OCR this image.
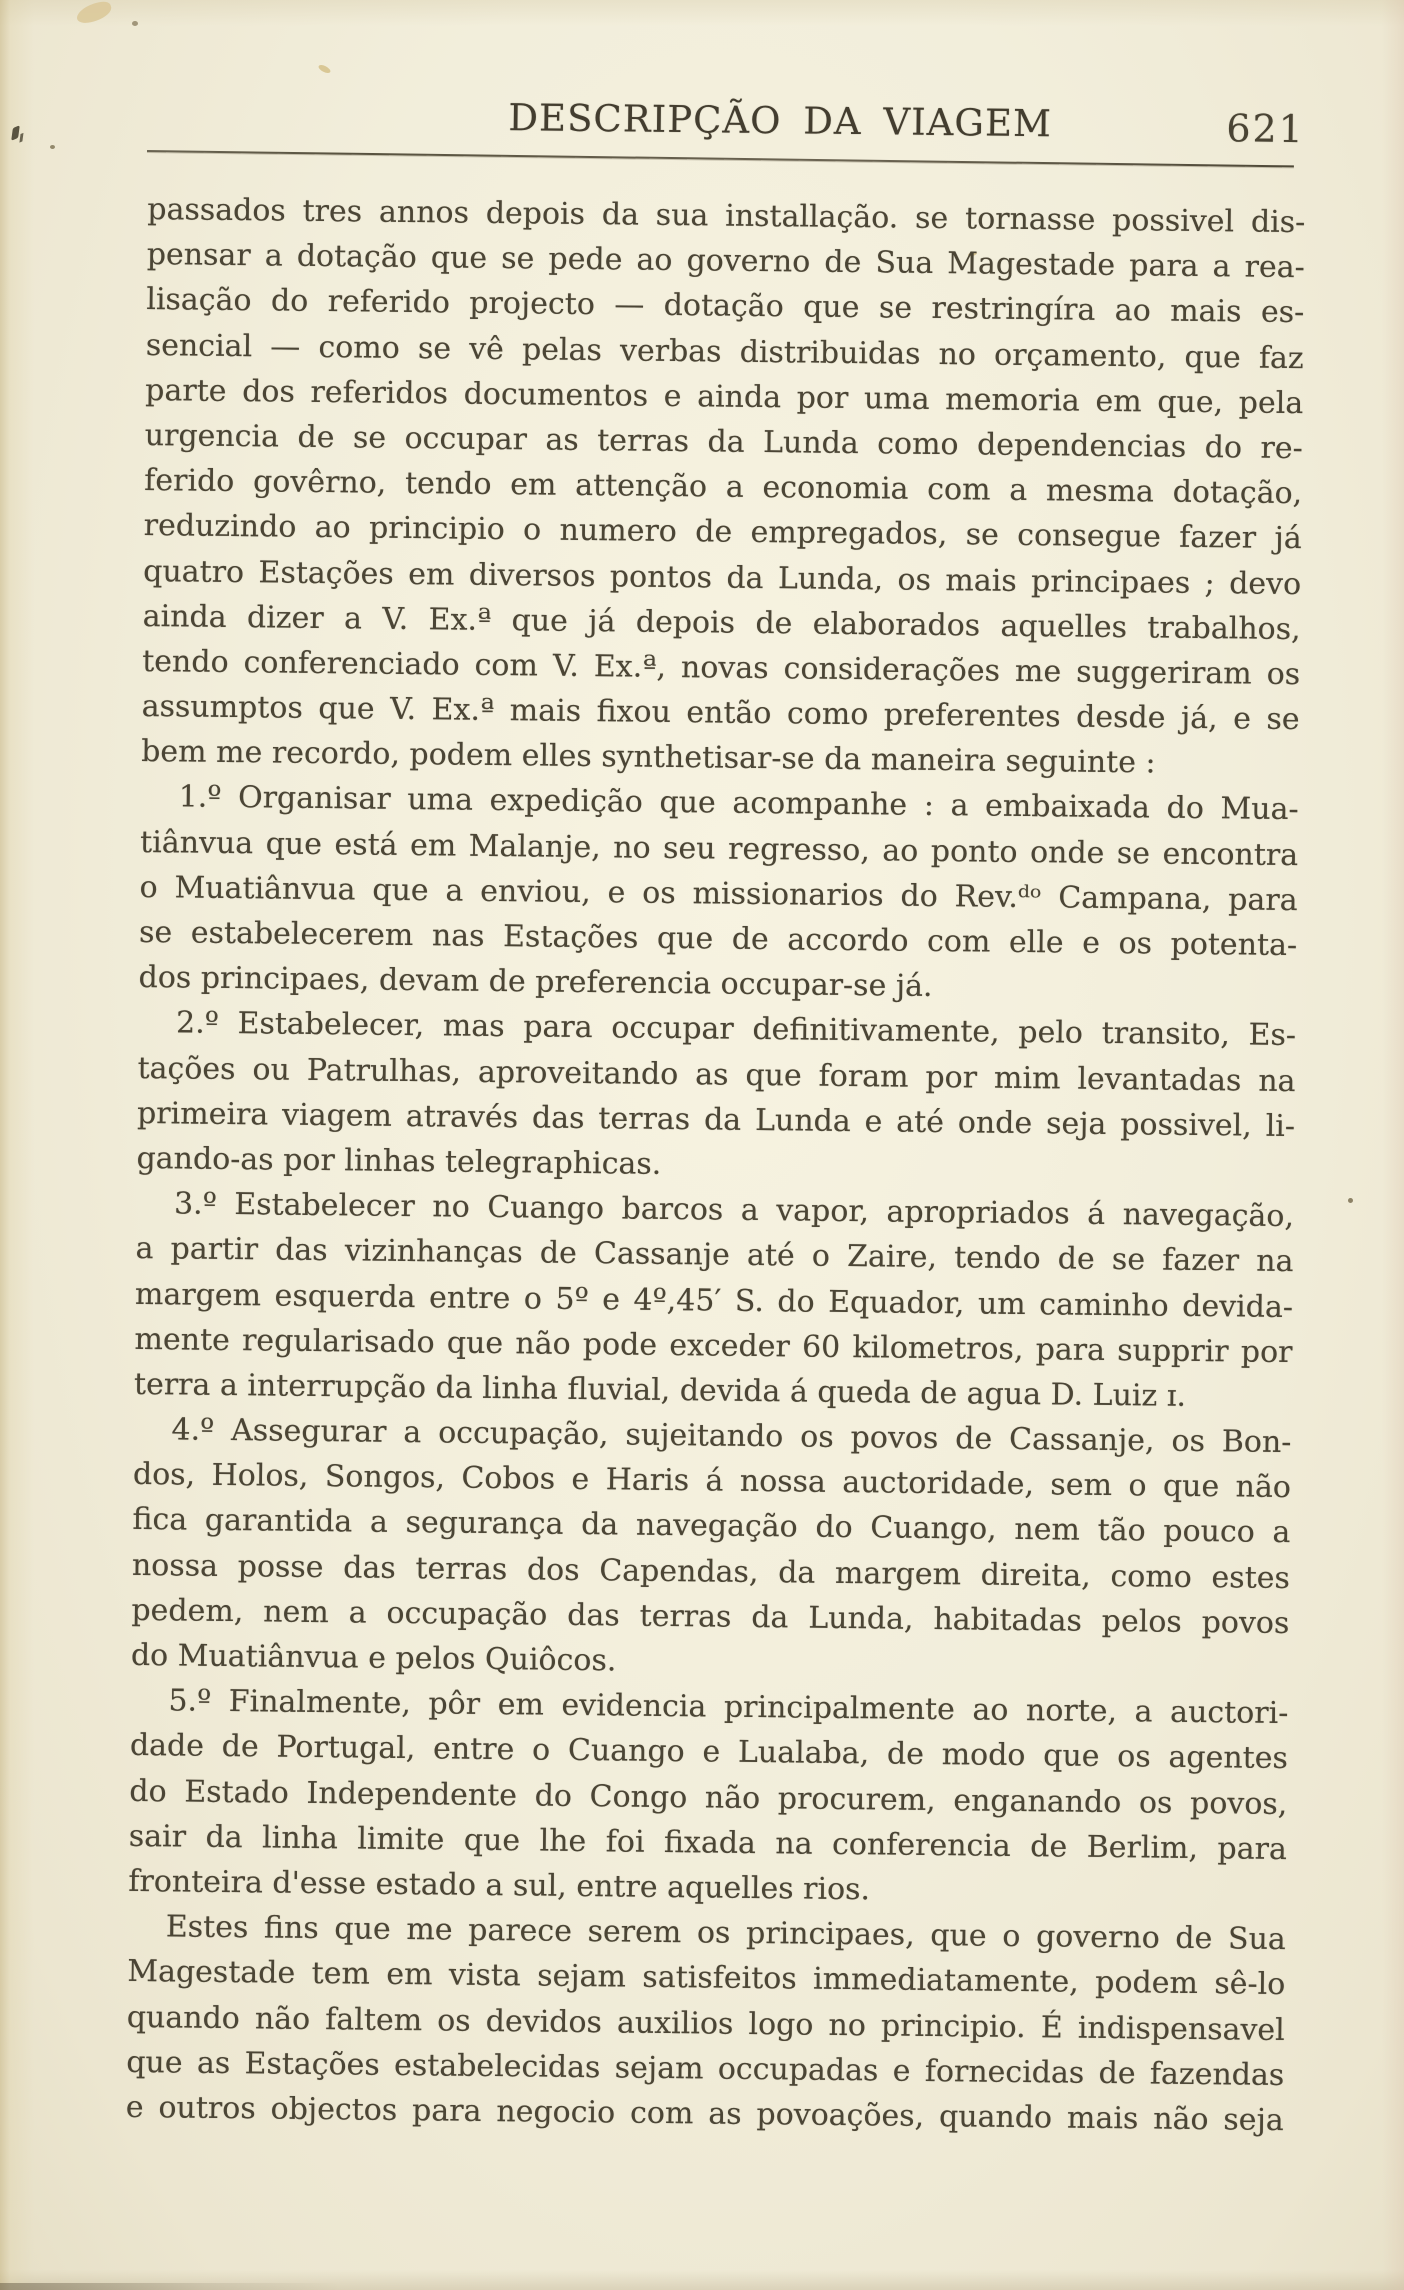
DESCRIPÇÃO DA VIAGEM	621
passados tres annos depois da sua installação. se tornasse possivel dis-
pensar a dotação que se pede ao governo de Sua Magestade para a rea-
lisação do referido projecto — dotação que se restringíra ao mais es-
sencial — como se vê pelas verbas distribuidas no orçamento, que faz
parte dos referidos documentos e ainda por uma memoria em que, pela
urgencia de se occupar as terras da Lunda como dependencias do re-
ferido govêrno, tendo em attenção a economia com a mesma dotação,
reduzindo ao principio o numero de empregados, se consegue fazer já
quatro Estações em diversos pontos da Lunda, os mais principaes ; devo
ainda dizer a V. Ex.ª que já depois de elaborados aquelles trabalhos,
tendo conferenciado com V. Ex.ª, novas considerações me suggeriram os
assumptos que V. Ex.ª mais fixou então como preferentes desde já, e se
bem me recordo, podem elles synthetisar-se da maneira seguinte :
1.º Organisar uma expedição que acompanhe : a embaixada do Mua-
tiânvua que está em Malanje, no seu regresso, ao ponto onde se encontra
o Muatiânvua que a enviou, e os missionarios do Rev.ᵈᵒ Campana, para
se estabelecerem nas Estações que de accordo com elle e os potenta-
dos principaes, devam de preferencia occupar-se já.
2.º Estabelecer, mas para occupar definitivamente, pelo transito, Es-
tações ou Patrulhas, aproveitando as que foram por mim levantadas na
primeira viagem através das terras da Lunda e até onde seja possivel, li-
gando-as por linhas telegraphicas.
3.º Estabelecer no Cuango barcos a vapor, apropriados á navegação,
a partir das vizinhanças de Cassanje até o Zaire, tendo de se fazer na
margem esquerda entre o 5º e 4º,45′ S. do Equador, um caminho devida-
mente regularisado que não pode exceder 60 kilometros, para supprir por
terra a interrupção da linha fluvial, devida á queda de agua D. Luiz ɪ.
4.º Assegurar a occupação, sujeitando os povos de Cassanje, os Bon-
dos, Holos, Songos, Cobos e Haris á nossa auctoridade, sem o que não
fica garantida a segurança da navegação do Cuango, nem tão pouco a
nossa posse das terras dos Capendas, da margem direita, como estes
pedem, nem a occupação das terras da Lunda, habitadas pelos povos
do Muatiânvua e pelos Quiôcos.
5.º Finalmente, pôr em evidencia principalmente ao norte, a auctori-
dade de Portugal, entre o Cuango e Lualaba, de modo que os agentes
do Estado Independente do Congo não procurem, enganando os povos,
sair da linha limite que lhe foi fixada na conferencia de Berlim, para
fronteira d'esse estado a sul, entre aquelles rios.
Estes fins que me parece serem os principaes, que o governo de Sua
Magestade tem em vista sejam satisfeitos immediatamente, podem sê-lo
quando não faltem os devidos auxilios logo no principio. É indispensavel
que as Estações estabelecidas sejam occupadas e fornecidas de fazendas
e outros objectos para negocio com as povoações, quando mais não seja
